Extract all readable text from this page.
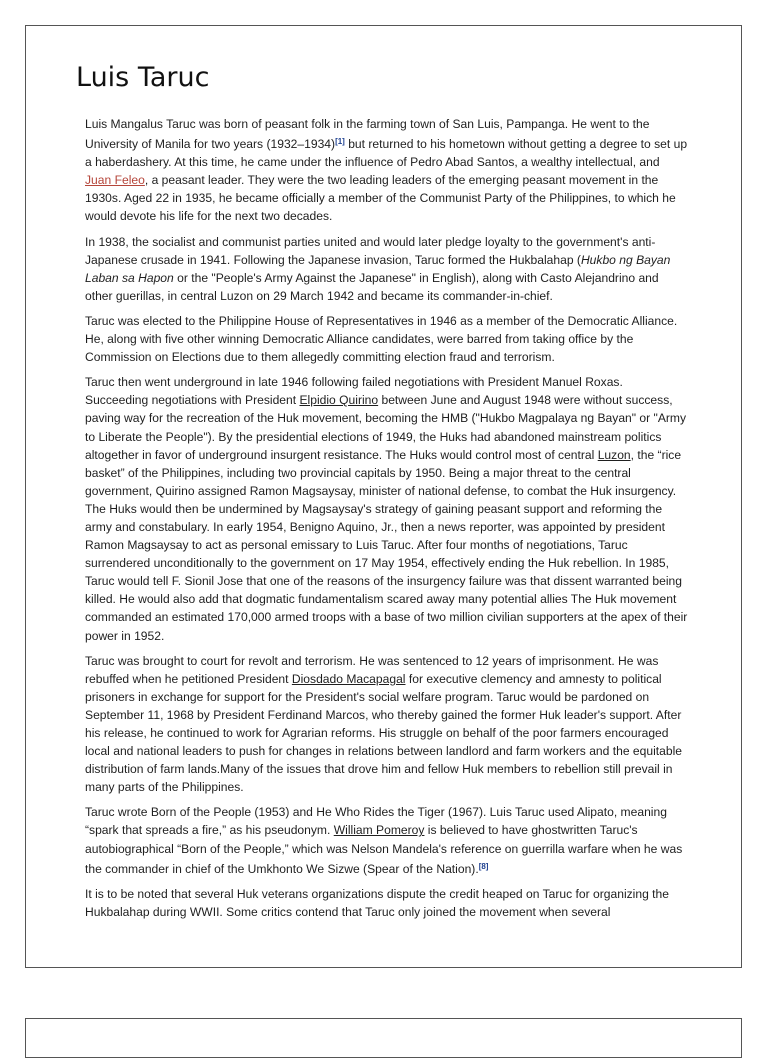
Luis Taruc

Luis Mangalus Taruc was born of peasant folk in the farming town of San Luis, Pampanga. He went to the University of Manila for two years (1932–1934)[1] but returned to his hometown without getting a degree to set up a haberdashery. At this time, he came under the influence of Pedro Abad Santos, a wealthy intellectual, and Juan Feleo, a peasant leader. They were the two leading leaders of the emerging peasant movement in the 1930s. Aged 22 in 1935, he became officially a member of the Communist Party of the Philippines, to which he would devote his life for the next two decades.

In 1938, the socialist and communist parties united and would later pledge loyalty to the government's anti-Japanese crusade in 1941. Following the Japanese invasion, Taruc formed the Hukbalahap (Hukbo ng Bayan Laban sa Hapon or the "People's Army Against the Japanese" in English), along with Casto Alejandrino and other guerillas, in central Luzon on 29 March 1942 and became its commander-in-chief.

Taruc was elected to the Philippine House of Representatives in 1946 as a member of the Democratic Alliance. He, along with five other winning Democratic Alliance candidates, were barred from taking office by the Commission on Elections due to them allegedly committing election fraud and terrorism.

Taruc then went underground in late 1946 following failed negotiations with President Manuel Roxas. Succeeding negotiations with President Elpidio Quirino between June and August 1948 were without success, paving way for the recreation of the Huk movement, becoming the HMB ("Hukbo Magpalaya ng Bayan" or "Army to Liberate the People"). By the presidential elections of 1949, the Huks had abandoned mainstream politics altogether in favor of underground insurgent resistance. The Huks would control most of central Luzon, the “rice basket” of the Philippines, including two provincial capitals by 1950. Being a major threat to the central government, Quirino assigned Ramon Magsaysay, minister of national defense, to combat the Huk insurgency. The Huks would then be undermined by Magsaysay's strategy of gaining peasant support and reforming the army and constabulary. In early 1954, Benigno Aquino, Jr., then a news reporter, was appointed by president Ramon Magsaysay to act as personal emissary to Luis Taruc. After four months of negotiations, Taruc surrendered unconditionally to the government on 17 May 1954, effectively ending the Huk rebellion. In 1985, Taruc would tell F. Sionil Jose that one of the reasons of the insurgency failure was that dissent warranted being killed. He would also add that dogmatic fundamentalism scared away many potential allies The Huk movement commanded an estimated 170,000 armed troops with a base of two million civilian supporters at the apex of their power in 1952.

Taruc was brought to court for revolt and terrorism. He was sentenced to 12 years of imprisonment. He was rebuffed when he petitioned President Diosdado Macapagal for executive clemency and amnesty to political prisoners in exchange for support for the President's social welfare program. Taruc would be pardoned on September 11, 1968 by President Ferdinand Marcos, who thereby gained the former Huk leader's support. After his release, he continued to work for Agrarian reforms. His struggle on behalf of the poor farmers encouraged local and national leaders to push for changes in relations between landlord and farm workers and the equitable distribution of farm lands.Many of the issues that drove him and fellow Huk members to rebellion still prevail in many parts of the Philippines.

Taruc wrote Born of the People (1953) and He Who Rides the Tiger (1967). Luis Taruc used Alipato, meaning “spark that spreads a fire,” as his pseudonym. William Pomeroy is believed to have ghostwritten Taruc's autobiographical “Born of the People,” which was Nelson Mandela's reference on guerrilla warfare when he was the commander in chief of the Umkhonto We Sizwe (Spear of the Nation).[8]

It is to be noted that several Huk veterans organizations dispute the credit heaped on Taruc for organizing the Hukbalahap during WWII. Some critics contend that Taruc only joined the movement when several
